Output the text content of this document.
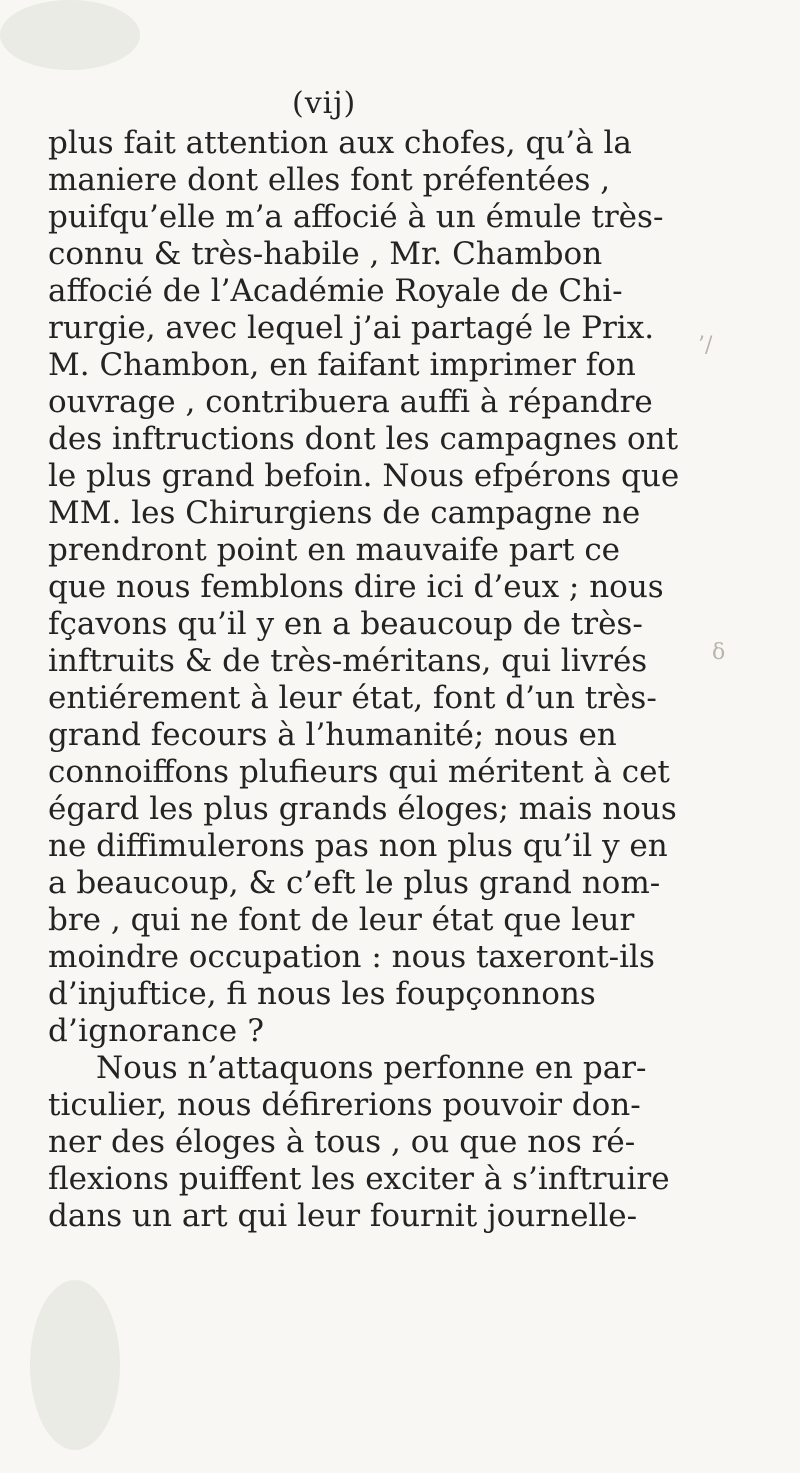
’/
δ
(vij)
plus fait attention aux chofes, qu’à la
maniere dont elles font préfentées ,
puifqu’elle m’a affocié à un émule très-
connu & très-habile , Mr. Chambon
affocié de l’Académie Royale de Chi-
rurgie, avec lequel j’ai partagé le Prix.
M. Chambon, en faifant imprimer fon
ouvrage , contribuera auffi à répandre
des inftructions dont les campagnes ont
le plus grand befoin. Nous efpérons que
MM. les Chirurgiens de campagne ne
prendront point en mauvaife part ce
que nous femblons dire ici d’eux ; nous
fçavons qu’il y en a beaucoup de très-
inftruits & de très-méritans, qui livrés
entiérement à leur état, font d’un très-
grand fecours à l’humanité; nous en
connoiffons plufieurs qui méritent à cet
égard les plus grands éloges; mais nous
ne diffimulerons pas non plus qu’il y en
a beaucoup, & c’eft le plus grand nom-
bre , qui ne font de leur état que leur
moindre occupation : nous taxeront-ils
d’injuftice, fi nous les foupçonnons
d’ignorance ?
Nous n’attaquons perfonne en par-
ticulier, nous défirerions pouvoir don-
ner des éloges à tous , ou que nos ré-
flexions puiffent les exciter à s’inftruire
dans un art qui leur fournit journelle-
